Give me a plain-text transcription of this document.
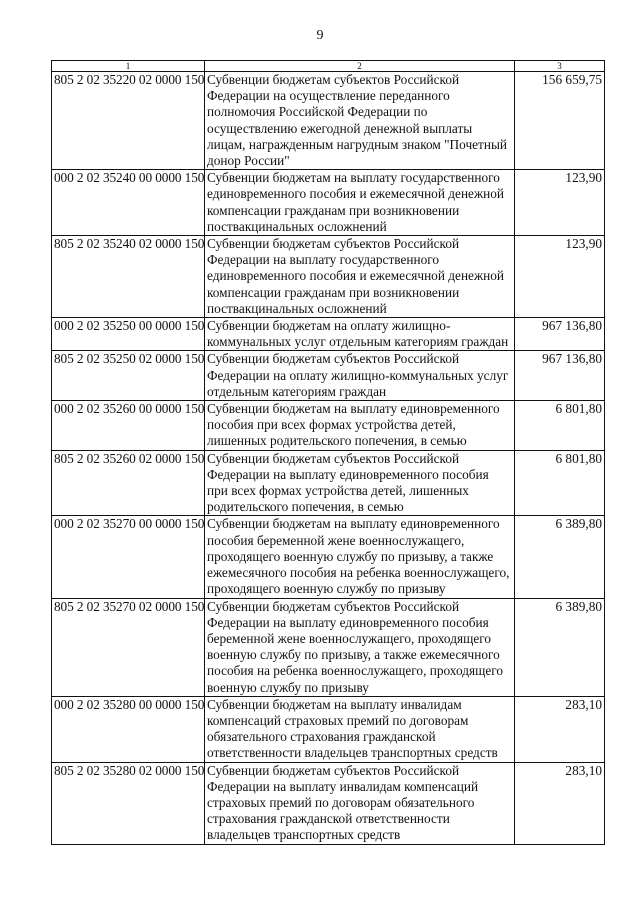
9
1	2	3
805 2 02 35220 02 0000 150	Субвенции бюджетам субъектов Российской Федерации на осуществление переданного полномочия Российской Федерации по осуществлению ежегодной денежной выплаты лицам, награжденным нагрудным знаком "Почетный донор России"	156 659,75
000 2 02 35240 00 0000 150	Субвенции бюджетам на выплату государственного единовременного пособия и ежемесячной денежной компенсации гражданам при возникновении поствакцинальных осложнений	123,90
805 2 02 35240 02 0000 150	Субвенции бюджетам субъектов Российской Федерации на выплату государственного единовременного пособия и ежемесячной денежной компенсации гражданам при возникновении поствакцинальных осложнений	123,90
000 2 02 35250 00 0000 150	Субвенции бюджетам на оплату жилищно-коммунальных услуг отдельным категориям граждан	967 136,80
805 2 02 35250 02 0000 150	Субвенции бюджетам субъектов Российской Федерации на оплату жилищно-коммунальных услуг отдельным категориям граждан	967 136,80
000 2 02 35260 00 0000 150	Субвенции бюджетам на выплату единовременного пособия при всех формах устройства детей, лишенных родительского попечения, в семью	6 801,80
805 2 02 35260 02 0000 150	Субвенции бюджетам субъектов Российской Федерации на выплату единовременного пособия при всех формах устройства детей, лишенных родительского попечения, в семью	6 801,80
000 2 02 35270 00 0000 150	Субвенции бюджетам на выплату единовременного пособия беременной жене военнослужащего, проходящего военную службу по призыву, а также ежемесячного пособия на ребенка военнослужащего, проходящего военную службу по призыву	6 389,80
805 2 02 35270 02 0000 150	Субвенции бюджетам субъектов Российской Федерации на выплату единовременного пособия беременной жене военнослужащего, проходящего военную службу по призыву, а также ежемесячного пособия на ребенка военнослужащего, проходящего военную службу по призыву	6 389,80
000 2 02 35280 00 0000 150	Субвенции бюджетам на выплату инвалидам компенсаций страховых премий по договорам обязательного страхования гражданской ответственности владельцев транспортных средств	283,10
805 2 02 35280 02 0000 150	Субвенции бюджетам субъектов Российской Федерации на выплату инвалидам компенсаций страховых премий по договорам обязательного страхования гражданской ответственности владельцев транспортных средств	283,10
